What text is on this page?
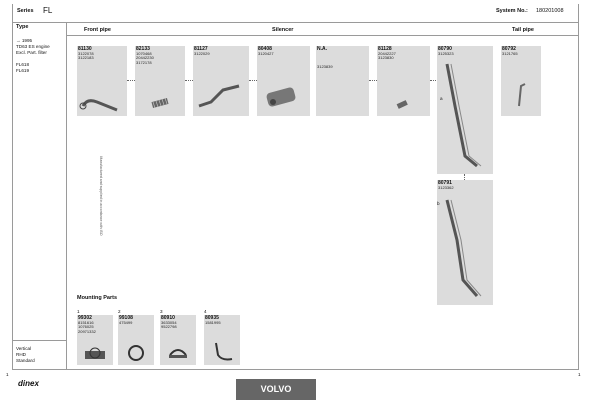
Series FL	System No.: 180201008
Type
→ 1995
TD63 ES engine
Excl. Part. filter
FL618
FL619
Vertical
RHD
Standard
Manufactured and supplied in accordance with ISO
Front pipe	Silencer	Tail pipe
Mounting Parts
81130
3122078
3122183
82133
1070468
20442230
3172178
81127
3122029
80408
3120427
N.A.

3123839
81128
20442227
3123830
80790
3125323
a
80792
3121765
80791
3123362
b
1
99302
8151616
1076025
20971332
2
99108
475499
3
80910
3633054
9522798
4
80935
1581995
dinex
1	1
VOLVO
